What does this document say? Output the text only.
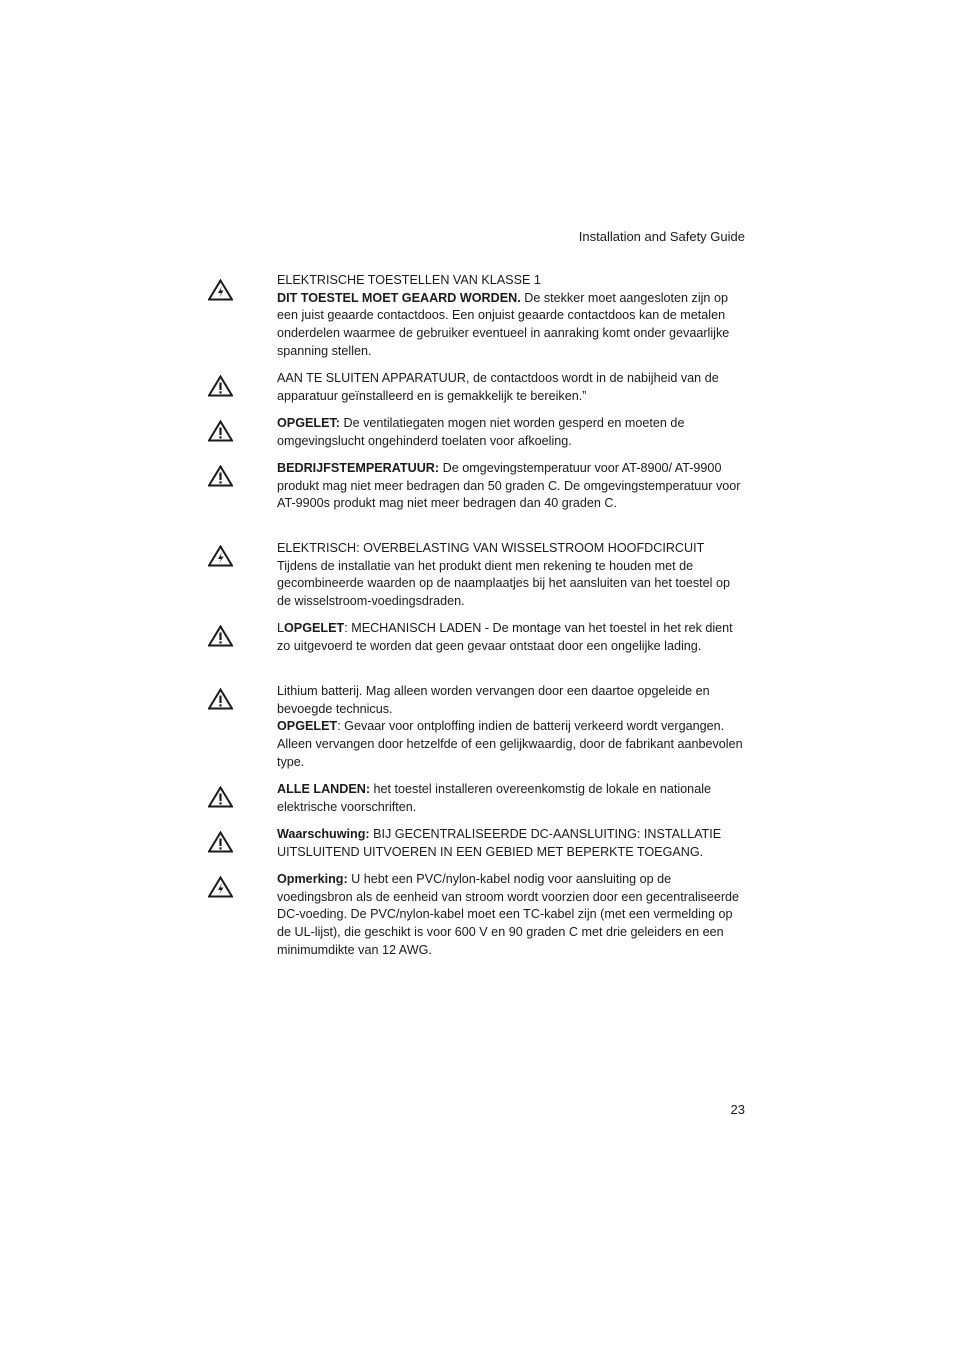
Installation and Safety Guide

ELEKTRISCHE TOESTELLEN VAN KLASSE 1

DIT TOESTEL MOET GEAARD WORDEN. De stekker moet aangesloten zijn op een juist geaarde contactdoos. Een onjuist geaarde contactdoos kan de metalen onderdelen waarmee de gebruiker eventueel in aanraking komt onder gevaarlijke spanning stellen.

AAN TE SLUITEN APPARATUUR, de contactdoos wordt in de nabijheid van de apparatuur geïnstalleerd en is gemakkelijk te bereiken.”

OPGELET: De ventilatiegaten mogen niet worden gesperd en moeten de omgevingslucht ongehinderd toelaten voor afkoeling.

BEDRIJFSTEMPERATUUR: De omgevingstemperatuur voor AT-8900/ AT-9900 produkt mag niet meer bedragen dan 50 graden C. De omgevingstemperatuur voor AT-9900s produkt mag niet meer bedragen dan 40 graden C.

ELEKTRISCH: OVERBELASTING VAN WISSELSTROOM HOOFDCIRCUIT

Tijdens de installatie van het produkt dient men rekening te houden met de gecombineerde waarden op de naamplaatjes bij het aansluiten van het toestel op de wisselstroom-voedingsdraden.

LOPGELET: MECHANISCH LADEN - De montage van het toestel in het rek dient zo uitgevoerd te worden dat geen gevaar ontstaat door een ongelijke lading.

Lithium batterij. Mag alleen worden vervangen door een daartoe opgeleide en bevoegde technicus.

OPGELET: Gevaar voor ontploffing indien de batterij verkeerd wordt vergangen. Alleen vervangen door hetzelfde of een gelijkwaardig, door de fabrikant aanbevolen type.

ALLE LANDEN: het toestel installeren overeenkomstig de lokale en nationale elektrische voorschriften.

Waarschuwing: BIJ GECENTRALISEERDE DC-AANSLUITING: INSTALLATIE UITSLUITEND UITVOEREN IN EEN GEBIED MET BEPERKTE TOEGANG.

Opmerking: U hebt een PVC/nylon-kabel nodig voor aansluiting op de voedingsbron als de eenheid van stroom wordt voorzien door een gecentraliseerde DC-voeding. De PVC/nylon-kabel moet een TC-kabel zijn (met een vermelding op de UL-lijst), die geschikt is voor 600 V en 90 graden C met drie geleiders en een minimumdikte van 12 AWG.

23
